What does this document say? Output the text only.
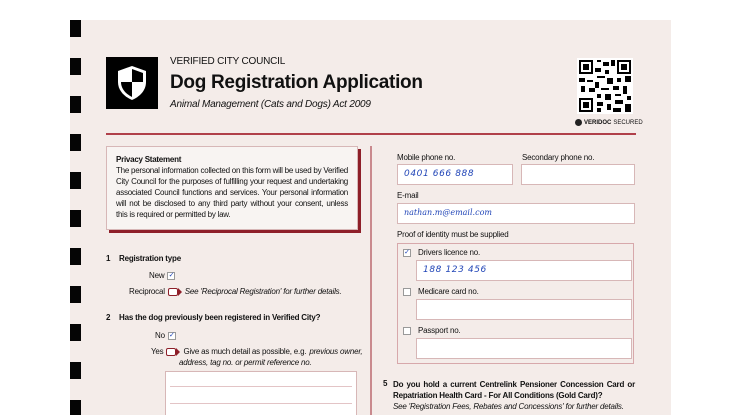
VERIFIED CITY COUNCIL
Dog Registration Application
Animal Management (Cats and Dogs) Act 2009
VERIDOC SECURED
Privacy Statement
The personal information collected on this form will be used by Verified City Council for the purposes of fulfilling your request and undertaking associated Council functions and services. Your personal information will not be disclosed to any third party without your consent, unless this is required or permitted by law.
1 Registration type
New ✓
Reciprocal	See 'Reciprocal Registration' for further details.
2 Has the dog previously been registered in Verified City?
No ✓
Yes	Give as much detail as possible, e.g. previous owner,
address, tag no. or permit reference no.
Mobile phone no.
0401 666 888
Secondary phone no.
E-mail
nathan.m@email.com
Proof of identity must be supplied
✓ Drivers licence no.
188 123 456
Medicare card no.
Passport no.
5 Do you hold a current Centrelink Pensioner Concession Card or Repatriation Health Card - For All Conditions (Gold Card)?
See 'Registration Fees, Rebates and Concessions' for further details.
